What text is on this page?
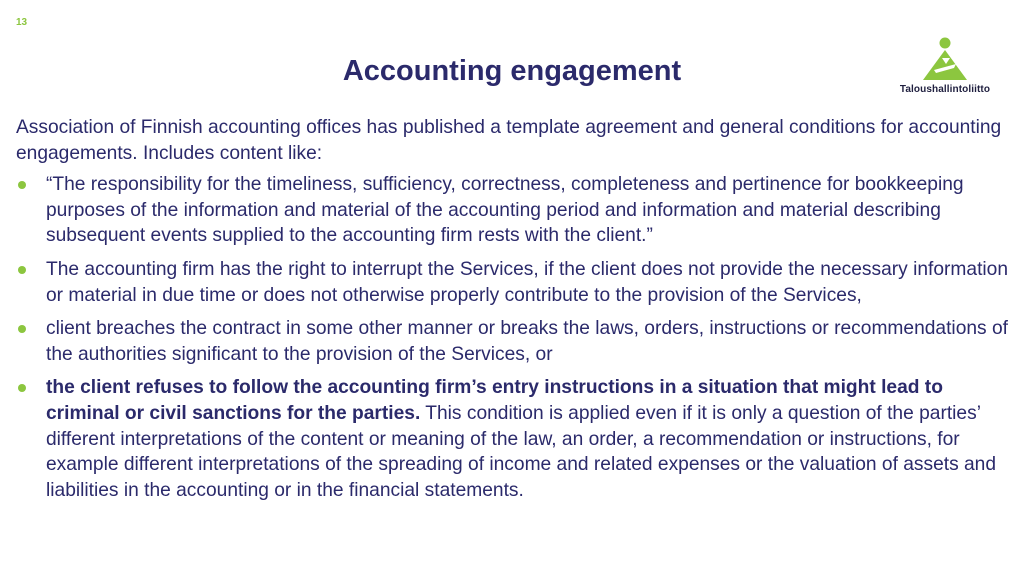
13
Accounting engagement
Taloushallintoliitto

Association of Finnish accounting offices has published a template agreement and general conditions for accounting engagements. Includes content like:

“The responsibility for the timeliness, sufficiency, correctness, completeness and pertinence for bookkeeping purposes of the information and material of the accounting period and information and material describing subsequent events supplied to the accounting firm rests with the client.”
The accounting firm has the right to interrupt the Services, if the client does not provide the necessary information or material in due time or does not otherwise properly contribute to the provision of the Services,
client breaches the contract in some other manner or breaks the laws, orders, instructions or recommendations of the authorities significant to the provision of the Services, or
the client refuses to follow the accounting firm’s entry instructions in a situation that might lead to criminal or civil sanctions for the parties. This condition is applied even if it is only a question of the parties’ different interpretations of the content or meaning of the law, an order, a recommendation or instructions, for example different interpretations of the spreading of income and related expenses or the valuation of assets and liabilities in the accounting or in the financial statements.
